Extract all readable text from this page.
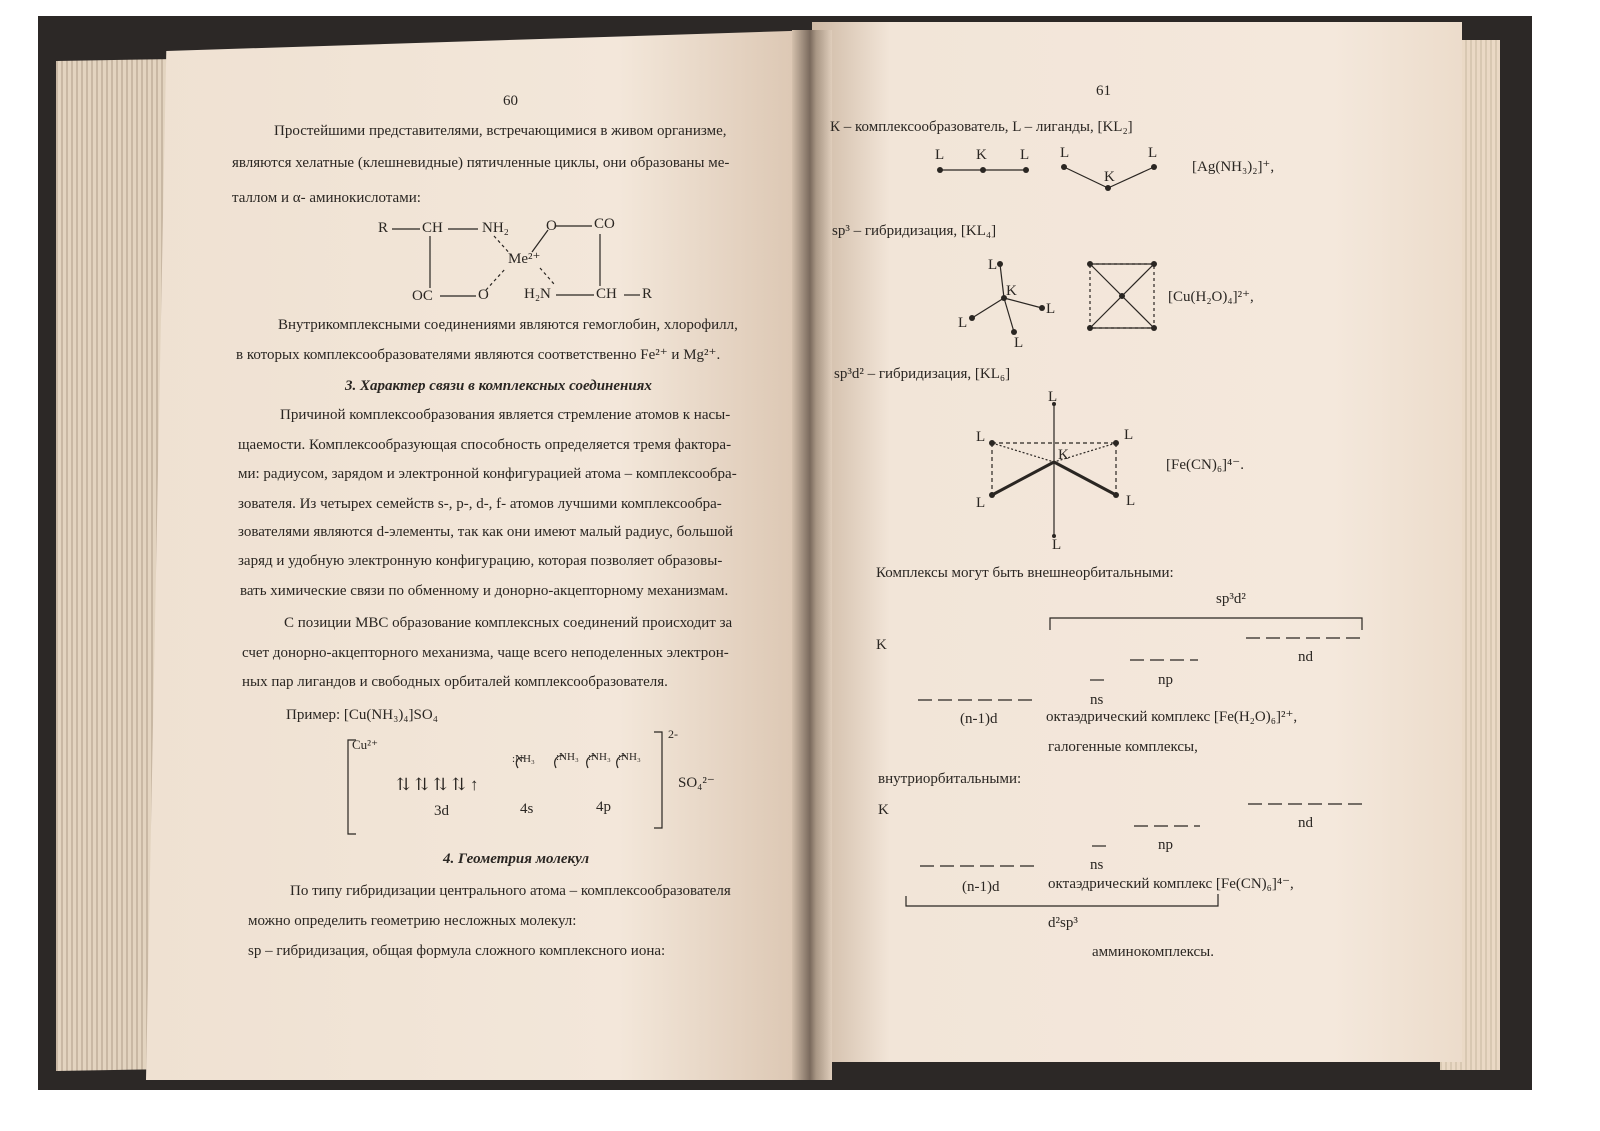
60
Простейшими представителями, встречающимися в живом организме,
являются хелатные (клешневидные) пятичленные циклы, они образованы ме-
таллом и α- аминокислотами:
Внутрикомплексными соединениями являются гемоглобин, хлорофилл,
в которых комплексообразователями являются соответственно Fe²⁺ и Mg²⁺.
3. Характер связи в комплексных соединениях
Причиной комплексообразования является стремление атомов к насы-
щаемости. Комплексообразующая способность определяется тремя фактора-
ми: радиусом, зарядом и электронной конфигурацией атома – комплексообра-
зователя. Из четырех семейств s-, p-, d-, f- атомов лучшими комплексообра-
зователями являются d-элементы, так как они имеют малый радиус, большой
заряд и удобную электронную конфигурацию, которая позволяет образовы-
вать химические связи по обменному и донорно-акцепторному механизмам.
С позиции МВС образование комплексных соединений происходит за
счет донорно-акцепторного механизма, чаще всего неподеленных электрон-
ных пар лигандов и свободных орбиталей комплексообразователя.
Пример: [Cu(NH₃)₄]SO₄
4. Геометрия молекул
По типу гибридизации центрального атома – комплексообразователя
можно определить геометрию несложных молекул:
sp – гибридизация, общая формула сложного комплексного иона:
61
К – комплексообразователь, L – лиганды, [KL₂]
[Ag(NH₃)₂]⁺,
sp³ – гибридизация, [KL₄]
[Cu(H₂O)₄]²⁺,
sp³d² – гибридизация, [KL₆]
[Fe(CN)₆]⁴⁻.
Комплексы могут быть внешнеорбитальными:
sp³d²
K
nd
np
ns
(n-1)d	октаэдрический комплекс [Fe(H₂O)₆]²⁺,
галогенные комплексы,
внутриорбитальными:
K
nd
np
ns
(n-1)d	октаэдрический комплекс [Fe(CN)₆]⁴⁻,
d²sp³
амминокомплексы.
R CH	NH₂ O CO
Me²⁺
OC	O H₂N	CH R
Cu²⁺
2-
SO₄²⁻
⇅ ⇅ ⇅ ⇅ ↑
3d	4s	4p
:NH₃ :NH₃ :NH₃ :NH₃
L K L L
K
L
L
K
L
L
L
L
L	L
K
L	L
L
